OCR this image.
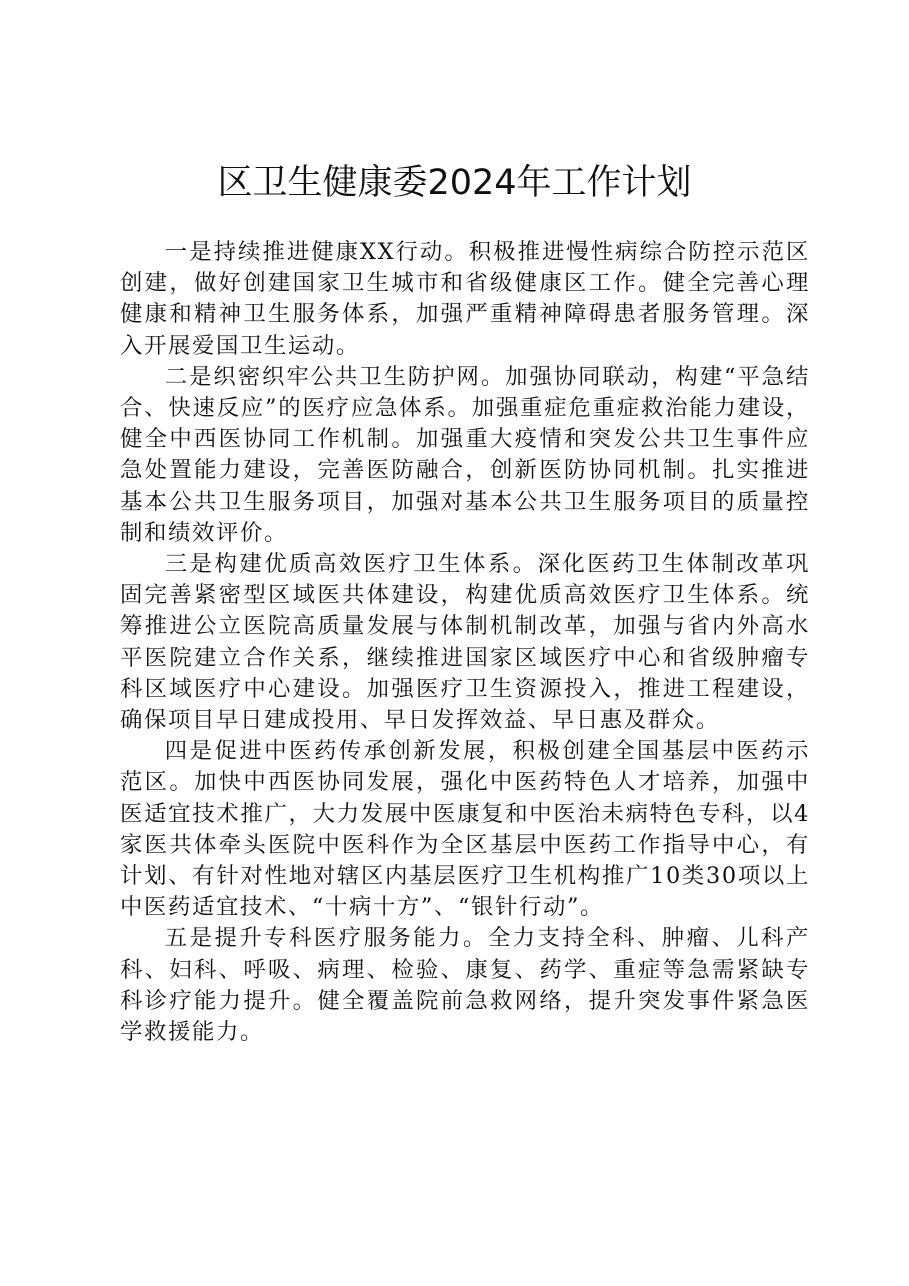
区卫生健康委2024年工作计划

一是持续推进健康XX行动。积极推进慢性病综合防控示范区创建，做好创建国家卫生城市和省级健康区工作。健全完善心理健康和精神卫生服务体系，加强严重精神障碍患者服务管理。深入开展爱国卫生运动。

二是织密织牢公共卫生防护网。加强协同联动，构建“平急结合、快速反应”的医疗应急体系。加强重症危重症救治能力建设，健全中西医协同工作机制。加强重大疫情和突发公共卫生事件应急处置能力建设，完善医防融合，创新医防协同机制。扎实推进基本公共卫生服务项目，加强对基本公共卫生服务项目的质量控制和绩效评价。

三是构建优质高效医疗卫生体系。深化医药卫生体制改革巩固完善紧密型区域医共体建设，构建优质高效医疗卫生体系。统筹推进公立医院高质量发展与体制机制改革，加强与省内外高水平医院建立合作关系，继续推进国家区域医疗中心和省级肿瘤专科区域医疗中心建设。加强医疗卫生资源投入，推进工程建设，确保项目早日建成投用、早日发挥效益、早日惠及群众。

四是促进中医药传承创新发展，积极创建全国基层中医药示范区。加快中西医协同发展，强化中医药特色人才培养，加强中医适宜技术推广，大力发展中医康复和中医治未病特色专科，以4家医共体牵头医院中医科作为全区基层中医药工作指导中心，有计划、有针对性地对辖区内基层医疗卫生机构推广10类30项以上中医药适宜技术、“十病十方”、“银针行动”。

五是提升专科医疗服务能力。全力支持全科、肿瘤、儿科产科、妇科、呼吸、病理、检验、康复、药学、重症等急需紧缺专科诊疗能力提升。健全覆盖院前急救网络，提升突发事件紧急医学救援能力。
